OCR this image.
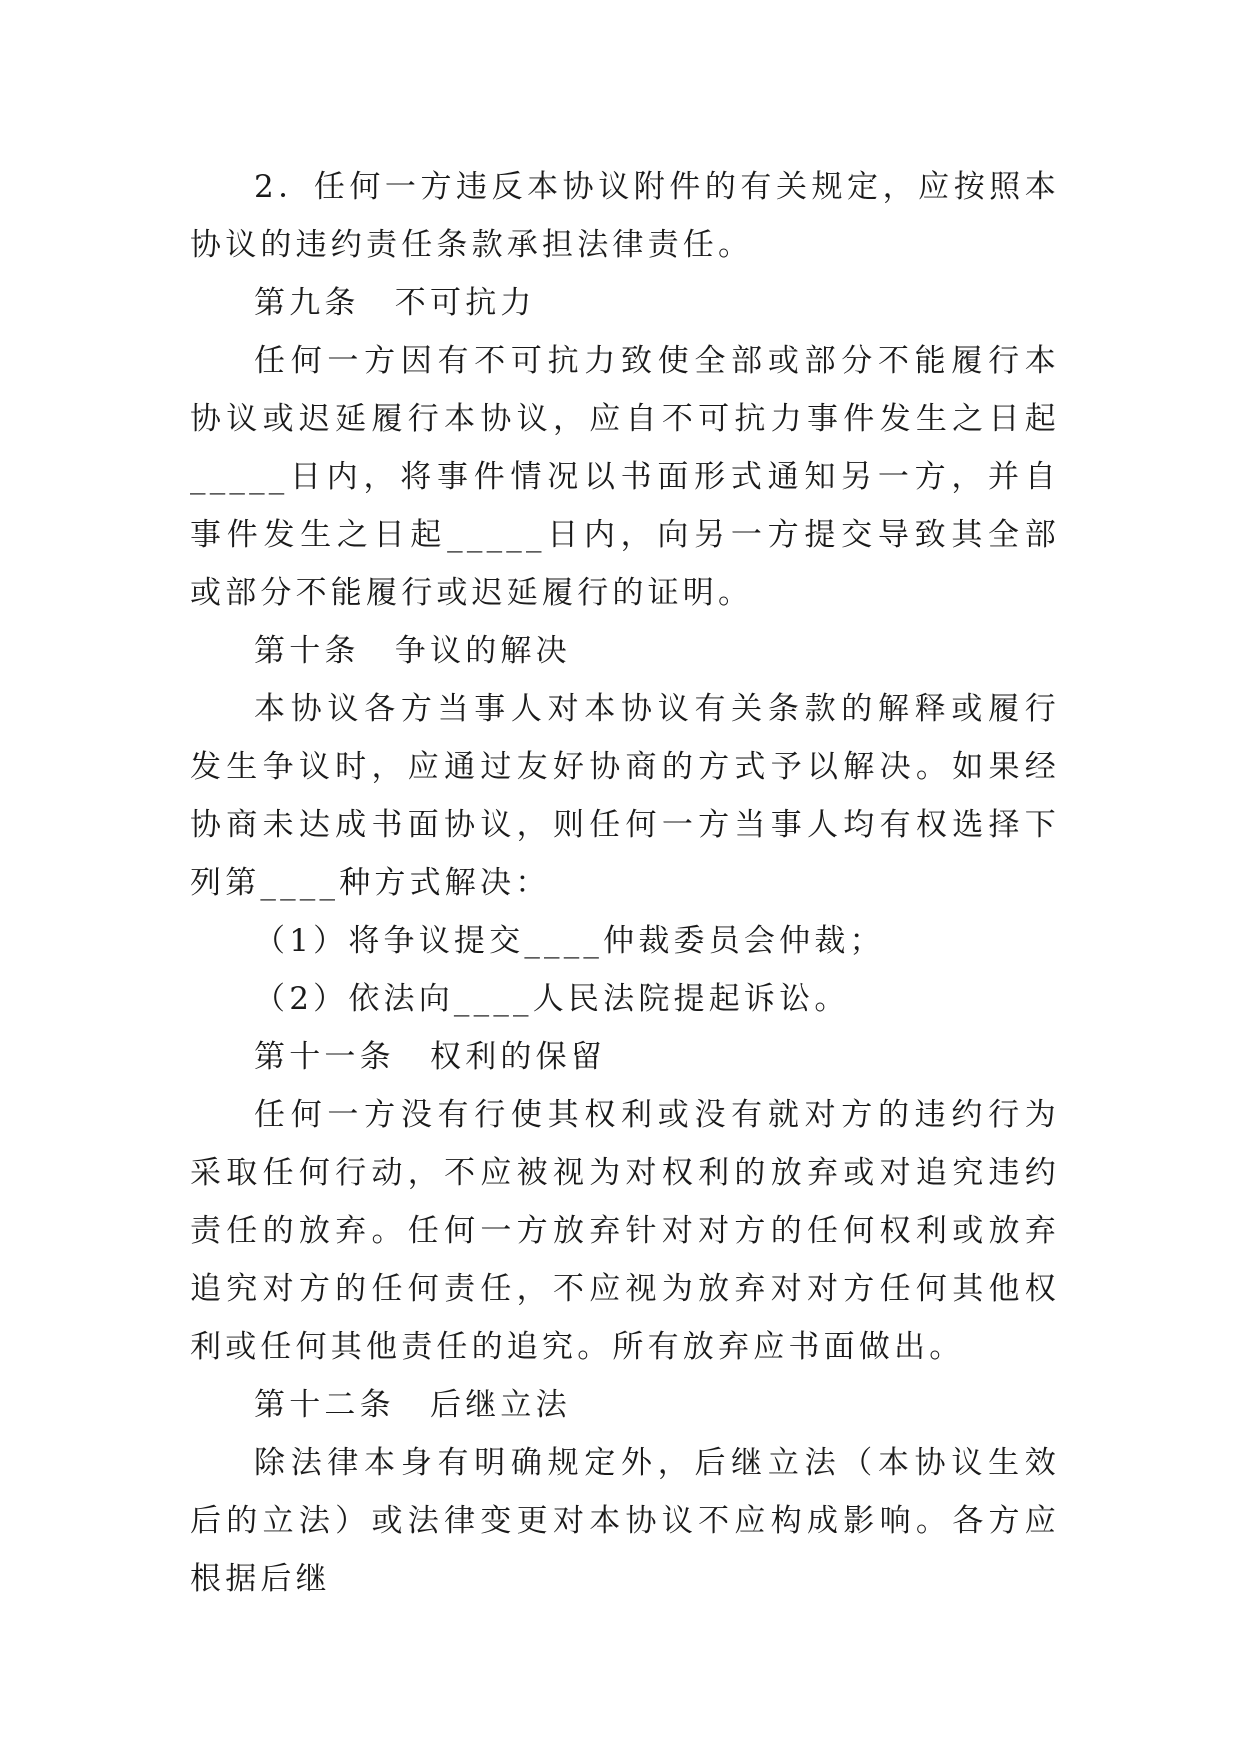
2．任何一方违反本协议附件的有关规定，应按照本协议的违约责任条款承担法律责任。

第九条　不可抗力

任何一方因有不可抗力致使全部或部分不能履行本协议或迟延履行本协议，应自不可抗力事件发生之日起_____日内，将事件情况以书面形式通知另一方，并自事件发生之日起_____日内，向另一方提交导致其全部或部分不能履行或迟延履行的证明。

第十条　争议的解决

本协议各方当事人对本协议有关条款的解释或履行发生争议时，应通过友好协商的方式予以解决。如果经协商未达成书面协议，则任何一方当事人均有权选择下列第____种方式解决：

（1）将争议提交____仲裁委员会仲裁；

（2）依法向____人民法院提起诉讼。

第十一条　权利的保留

任何一方没有行使其权利或没有就对方的违约行为采取任何行动，不应被视为对权利的放弃或对追究违约责任的放弃。任何一方放弃针对对方的任何权利或放弃追究对方的任何责任，不应视为放弃对对方任何其他权利或任何其他责任的追究。所有放弃应书面做出。

第十二条　后继立法

除法律本身有明确规定外，后继立法（本协议生效后的立法）或法律变更对本协议不应构成影响。各方应根据后继
